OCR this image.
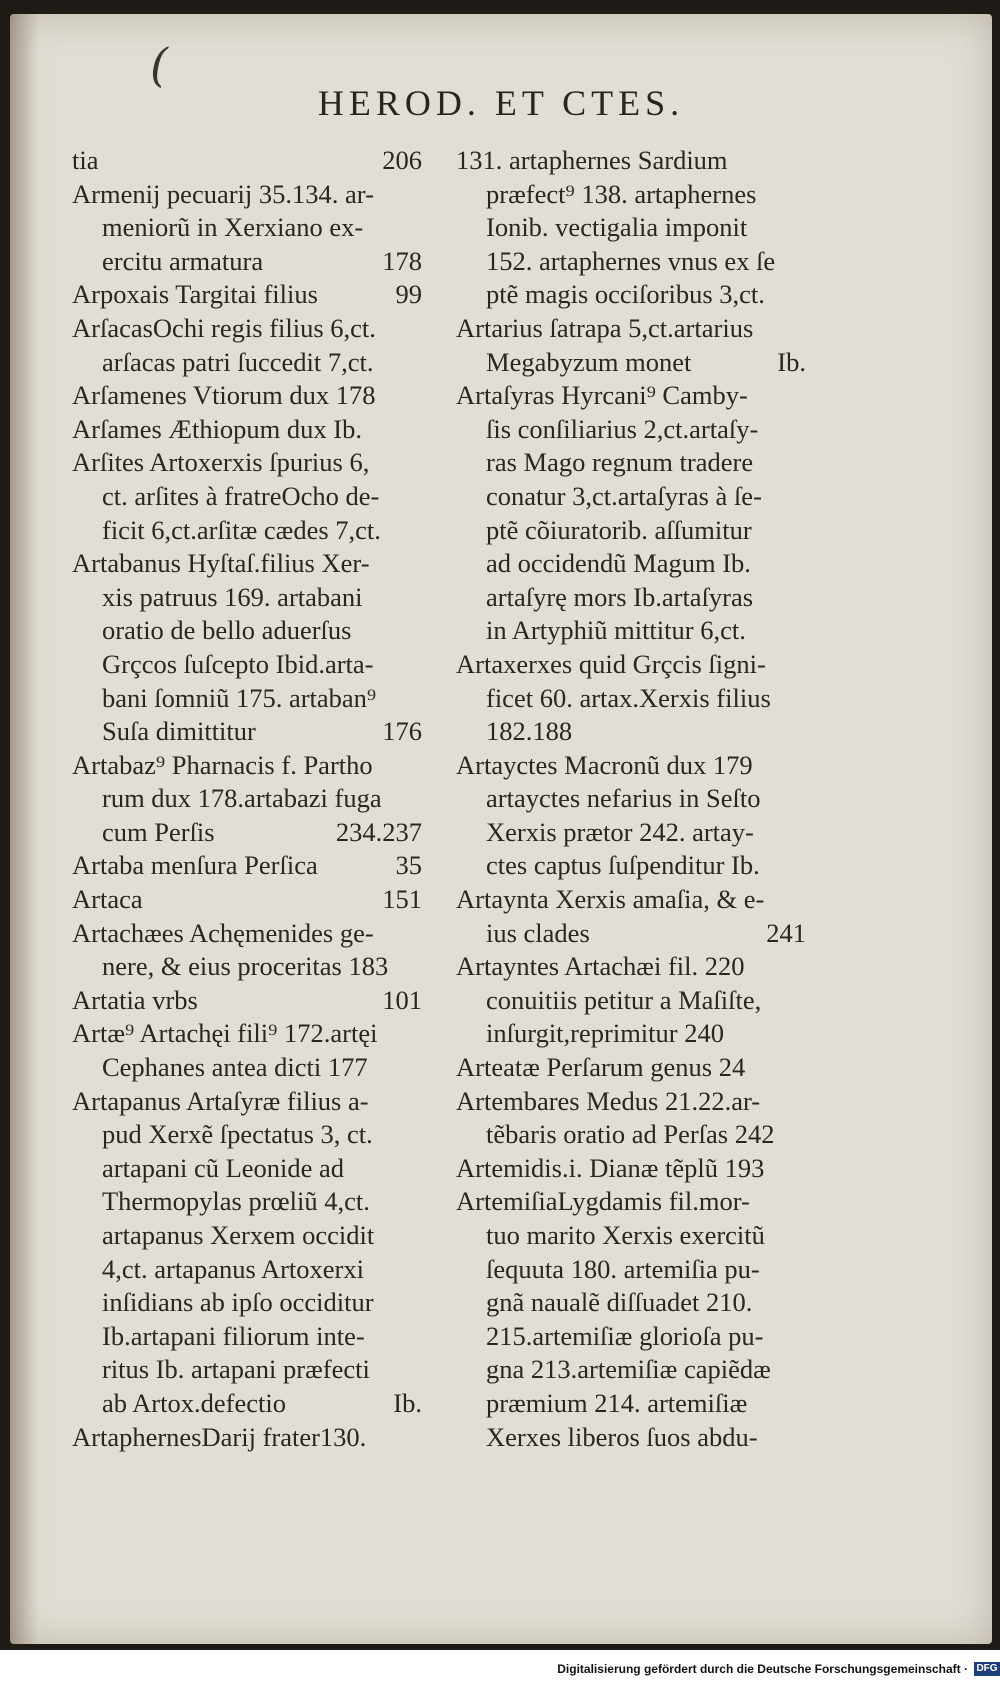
(
HEROD. ET CTES.
tia	206
Armenij pecuarij 35.134. ar-
meniorũ in Xerxiano ex-
ercitu armatura	178
Arpoxais Targitai filius	99
ArſacasOchi regis filius 6,ct.
arſacas patri ſuccedit 7,ct.
Arſamenes Vtiorum dux 178
Arſames Æthiopum dux Ib.
Arſites Artoxerxis ſpurius 6,
ct. arſites à fratreOcho de-
ficit 6,ct.arſitæ cædes 7,ct.
Artabanus Hyſtaſ.filius Xer-
xis patruus 169. artabani
oratio de bello aduerſus
Grçcos ſuſcepto Ibid.arta-
bani ſomniũ 175. artaban⁹
Suſa dimittitur	176
Artabaz⁹ Pharnacis f. Partho
rum dux 178.artabazi fuga
cum Perſis	234.237
Artaba menſura Perſica	35
Artaca	151
Artachæes Achęmenides ge-
nere, & eius proceritas 183
Artatia vrbs	101
Artæ⁹ Artachęi fili⁹ 172.artęi
Cephanes antea dicti 177
Artapanus Artaſyræ filius a-
pud Xerxẽ ſpectatus 3, ct.
artapani cũ Leonide ad
Thermopylas prœliũ 4,ct.
artapanus Xerxem occidit
4,ct. artapanus Artoxerxi
inſidians ab ipſo occiditur
Ib.artapani filiorum inte-
ritus Ib. artapani præfecti
ab Artox.defectio	Ib.
ArtaphernesDarij frater130.
131. artaphernes Sardium
præfect⁹ 138. artaphernes
Ionib. vectigalia imponit
152. artaphernes vnus ex ſe
ptẽ magis occiſoribus 3,ct.
Artarius ſatrapa 5,ct.artarius
Megabyzum monet	Ib.
Artaſyras Hyrcani⁹ Camby-
ſis conſiliarius 2,ct.artaſy-
ras Mago regnum tradere
conatur 3,ct.artaſyras à ſe-
ptẽ cõiuratorib. aſſumitur
ad occidendũ Magum Ib.
artaſyrę mors Ib.artaſyras
in Artyphiũ mittitur 6,ct.
Artaxerxes quid Grçcis ſigni-
ficet 60. artax.Xerxis filius
182.188
Artayctes Macronũ dux 179
artayctes nefarius in Seſto
Xerxis prætor 242. artay-
ctes captus ſuſpenditur Ib.
Artaynta Xerxis amaſia, & e-
ius clades	241
Artayntes Artachæi fil. 220
conuitiis petitur a Maſiſte,
inſurgit,reprimitur 240
Arteatæ Perſarum genus 24
Artembares Medus 21.22.ar-
tẽbaris oratio ad Perſas 242
Artemidis.i. Dianæ tẽplũ 193
ArtemiſiaLygdamis fil.mor-
tuo marito Xerxis exercitũ
ſequuta 180. artemiſia pu-
gnã naualẽ diſſuadet 210.
215.artemiſiæ glorioſa pu-
gna 213.artemiſiæ capiẽdæ
præmium 214. artemiſiæ
Xerxes liberos ſuos abdu-
Digitalisierung gefördert durch die Deutsche Forschungsgemeinschaft · DFG
